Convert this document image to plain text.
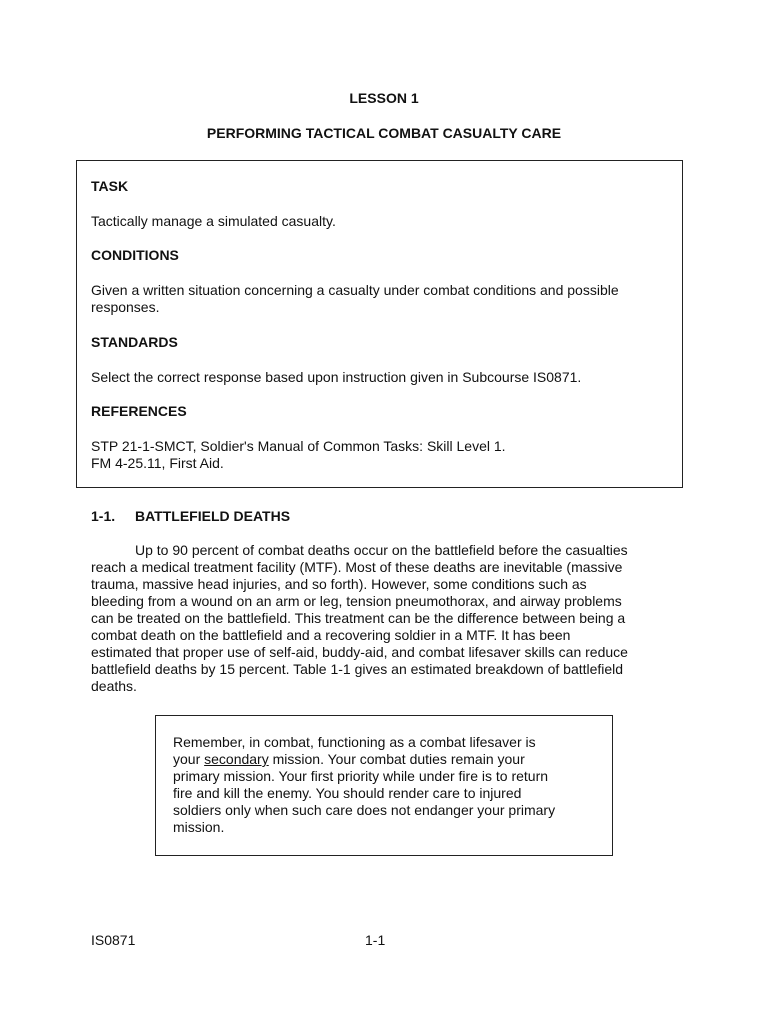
LESSON 1
PERFORMING TACTICAL COMBAT CASUALTY CARE
TASK
Tactically manage a simulated casualty.
CONDITIONS
Given a written situation concerning a casualty under combat conditions and possible
responses.
STANDARDS
Select the correct response based upon instruction given in Subcourse IS0871.
REFERENCES
STP 21-1-SMCT, Soldier's Manual of Common Tasks: Skill Level 1.
FM 4-25.11, First Aid.
1-1. BATTLEFIELD DEATHS

Up to 90 percent of combat deaths occur on the battlefield before the casualties

reach a medical treatment facility (MTF). Most of these deaths are inevitable (massive

trauma, massive head injuries, and so forth). However, some conditions such as

bleeding from a wound on an arm or leg, tension pneumothorax, and airway problems

can be treated on the battlefield. This treatment can be the difference between being a

combat death on the battlefield and a recovering soldier in a MTF. It has been

estimated that proper use of self-aid, buddy-aid, and combat lifesaver skills can reduce

battlefield deaths by 15 percent. Table 1-1 gives an estimated breakdown of battlefield

deaths.

Remember, in combat, functioning as a combat lifesaver is
your secondary mission. Your combat duties remain your
primary mission. Your first priority while under fire is to return
fire and kill the enemy. You should render care to injured
soldiers only when such care does not endanger your primary
mission.
IS0871	1-1
